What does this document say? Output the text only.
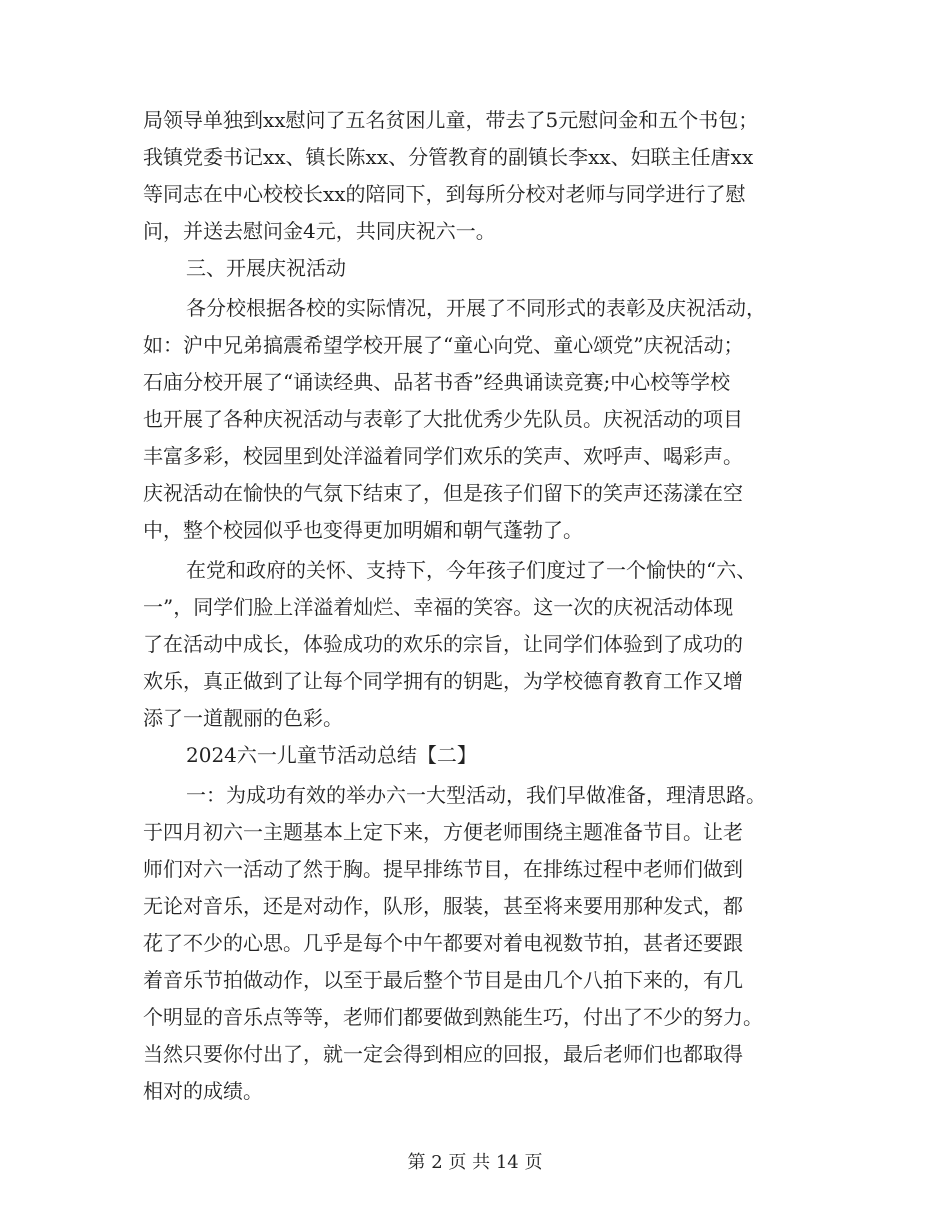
局领导单独到xx慰问了五名贫困儿童，带去了5元慰问金和五个书包；
我镇党委书记xx、镇长陈xx、分管教育的副镇长李xx、妇联主任唐xx
等同志在中心校校长xx的陪同下，到每所分校对老师与同学进行了慰
问，并送去慰问金4元，共同庆祝六一。
三、开展庆祝活动
各分校根据各校的实际情况，开展了不同形式的表彰及庆祝活动，
如：沪中兄弟搞震希望学校开展了“童心向党、童心颂党”庆祝活动；
石庙分校开展了“诵读经典、品茗书香”经典诵读竞赛;中心校等学校
也开展了各种庆祝活动与表彰了大批优秀少先队员。庆祝活动的项目
丰富多彩，校园里到处洋溢着同学们欢乐的笑声、欢呼声、喝彩声。
庆祝活动在愉快的气氛下结束了，但是孩子们留下的笑声还荡漾在空
中，整个校园似乎也变得更加明媚和朝气蓬勃了。
在党和政府的关怀、支持下，今年孩子们度过了一个愉快的“六、
一”，同学们脸上洋溢着灿烂、幸福的笑容。这一次的庆祝活动体现
了在活动中成长，体验成功的欢乐的宗旨，让同学们体验到了成功的
欢乐，真正做到了让每个同学拥有的钥匙，为学校德育教育工作又增
添了一道靓丽的色彩。
2024六一儿童节活动总结【二】
一：为成功有效的举办六一大型活动，我们早做准备，理清思路。
于四月初六一主题基本上定下来，方便老师围绕主题准备节目。让老
师们对六一活动了然于胸。提早排练节目，在排练过程中老师们做到
无论对音乐，还是对动作，队形，服装，甚至将来要用那种发式，都
花了不少的心思。几乎是每个中午都要对着电视数节拍，甚者还要跟
着音乐节拍做动作，以至于最后整个节目是由几个八拍下来的，有几
个明显的音乐点等等，老师们都要做到熟能生巧，付出了不少的努力。
当然只要你付出了，就一定会得到相应的回报，最后老师们也都取得
相对的成绩。
第 2 页 共 14 页
